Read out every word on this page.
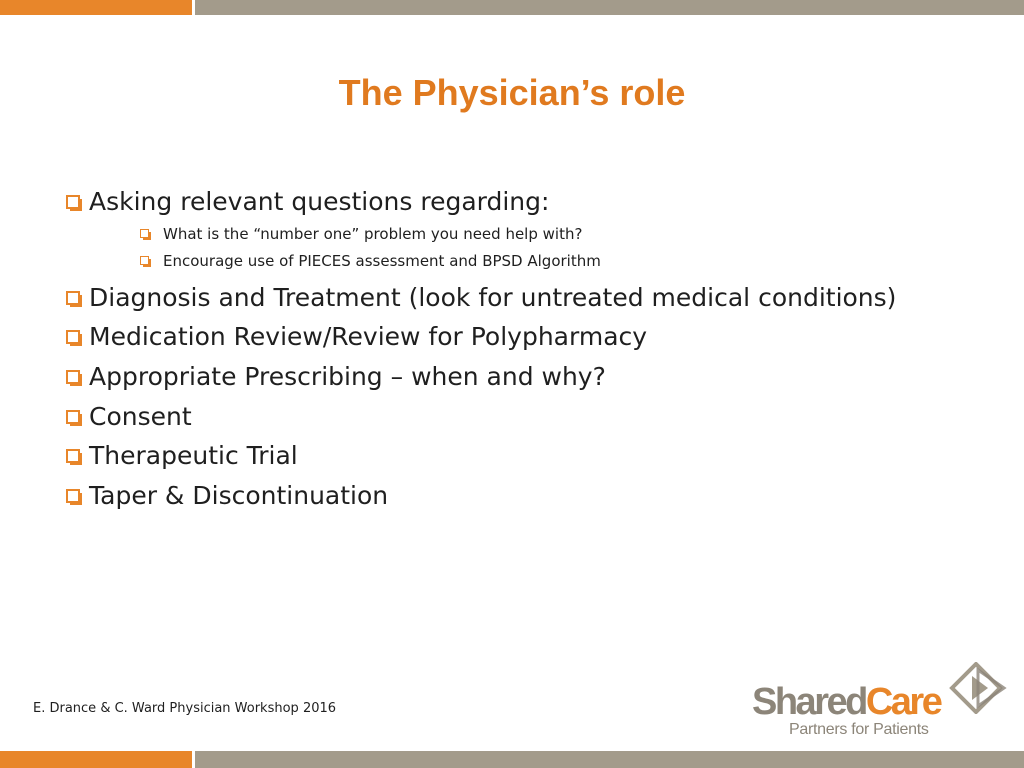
The Physician’s role
Asking relevant questions regarding:
What is the “number one” problem you need help with?
Encourage use of PIECES assessment and BPSD Algorithm
Diagnosis and Treatment (look for untreated medical conditions)
Medication Review/Review for Polypharmacy
Appropriate Prescribing – when and why?
Consent
Therapeutic Trial
Taper & Discontinuation
E. Drance & C. Ward Physician Workshop 2016	SharedCare
Partners for Patients
